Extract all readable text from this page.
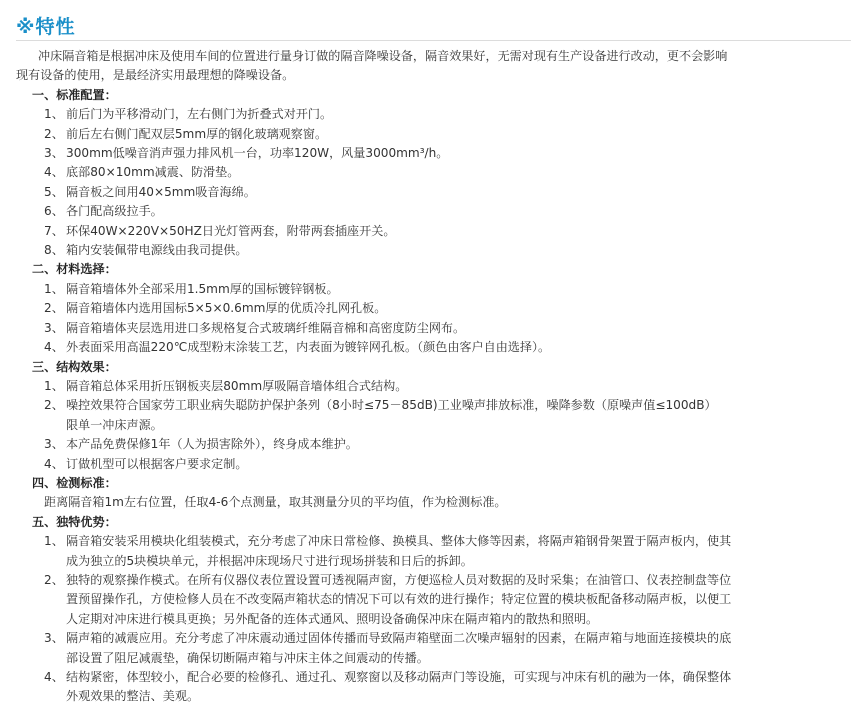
※特性

冲床隔音箱是根据冲床及使用车间的位置进行量身订做的隔音降噪设备，隔音效果好，无需对现有生产设备进行改动，更不会影响

现有设备的使用，是最经济实用最理想的降噪设备。

一、标准配置：

1、 前后门为平移滑动门，左右侧门为折叠式对开门。
2、 前后左右侧门配双层5mm厚的钢化玻璃观察窗。
3、 300mm低噪音消声强力排风机一台，功率120W，风量3000mm³/h。
4、 底部80×10mm减震、防滑垫。
5、 隔音板之间用40×5mm吸音海绵。
6、 各门配高级拉手。
7、 环保40W×220V×50HZ日光灯管两套，附带两套插座开关。
8、 箱内安装佩带电源线由我司提供。

二、材料选择：

1、 隔音箱墙体外全部采用1.5mm厚的国标镀锌钢板。
2、 隔音箱墙体内选用国标5×5×0.6mm厚的优质冷扎网孔板。
3、 隔音箱墙体夹层选用进口多规格复合式玻璃纤维隔音棉和高密度防尘网布。
4、 外表面采用高温220℃成型粉末涂装工艺，内表面为镀锌网孔板。（颜色由客户自由选择）。

三、结构效果：

1、 隔音箱总体采用折压钢板夹层80mm厚吸隔音墙体组合式结构。
2、 噪控效果符合国家劳工职业病失聪防护保护条列（8小时≤75－85dB)工业噪声排放标准，噪降参数（原噪声值≤100dB）
限单一冲床声源。
3、 本产品免费保修1年（人为损害除外），终身成本维护。
4、 订做机型可以根据客户要求定制。

四、检测标准：

距离隔音箱1m左右位置，任取4-6个点测量，取其测量分贝的平均值，作为检测标准。

五、独特优势：

1、 隔音箱安装采用模块化组装模式，充分考虑了冲床日常检修、换模具、整体大修等因素，将隔声箱钢骨架置于隔声板内，使其
成为独立的5块模块单元，并根据冲床现场尺寸进行现场拼装和日后的拆卸。
2、 独特的观察操作模式。在所有仪器仪表位置设置可透视隔声窗，方便巡检人员对数据的及时采集；在油管口、仪表控制盘等位
置预留操作孔，方使检修人员在不改变隔声箱状态的情况下可以有效的进行操作；特定位置的模块板配备移动隔声板，以便工
人定期对冲床进行模具更换；另外配备的连体式通风、照明设备确保冲床在隔声箱内的散热和照明。
3、 隔声箱的减震应用。充分考虑了冲床震动通过固体传播而导致隔声箱壁面二次噪声辐射的因素，在隔声箱与地面连接模块的底
部设置了阻尼减震垫，确保切断隔声箱与冲床主体之间震动的传播。
4、 结构紧密，体型较小，配合必要的检修孔、通过孔、观察窗以及移动隔声门等设施，可实现与冲床有机的融为一体，确保整体
外观效果的整洁、美观。
